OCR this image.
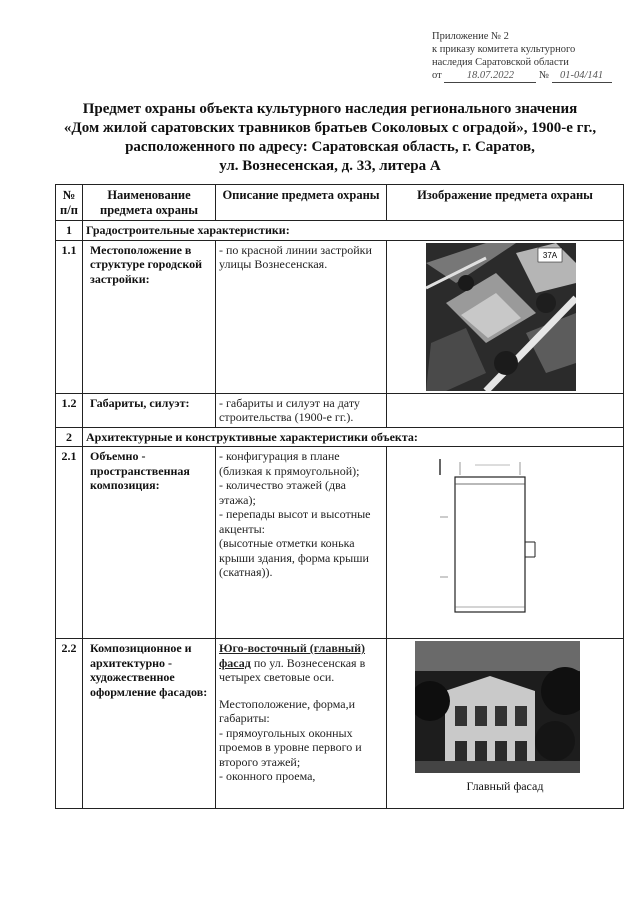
Приложение № 2
к приказу комитета культурного
наследия Саратовской области
от 18.07.2022 № 01-04/141
Предмет охраны объекта культурного наследия регионального значения
«Дом жилой саратовских травников братьев Соколовых с оградой», 1900-е гг.,
расположенного по адресу: Саратовская область, г. Саратов,
ул. Вознесенская, д. 33, литера А
№ п/п	Наименование предмета охраны	Описание предмета охраны	Изображение предмета охраны
1	Градостроительные характеристики:		
1.1	Местоположение в структуре городской застройки:	- по красной линии застройки улицы Вознесенская.	37А

1.2	Габариты, силуэт:	- габариты и силуэт на дату строительства (1900-е гг.).	
2	Архитектурные и конструктивные характеристики объекта:		
2.1	Объемно - пространственная композиция:	- конфигурация в плане (близкая к прямоугольной);
- количество этажей (два этажа);
- перепады высот и высотные акценты:
(высотные отметки конька крыши здания, форма крыши (скатная)).

2.2	Композиционное и архитектурно - художественное оформление фасадов:	Юго-восточный (главный) фасад по ул. Вознесенская в четырех световые оси.
Местоположение, форма,и габариты:
- прямоугольных оконных проемов в уровне первого и второго этажей;
- оконного проема,	Главный фасад
